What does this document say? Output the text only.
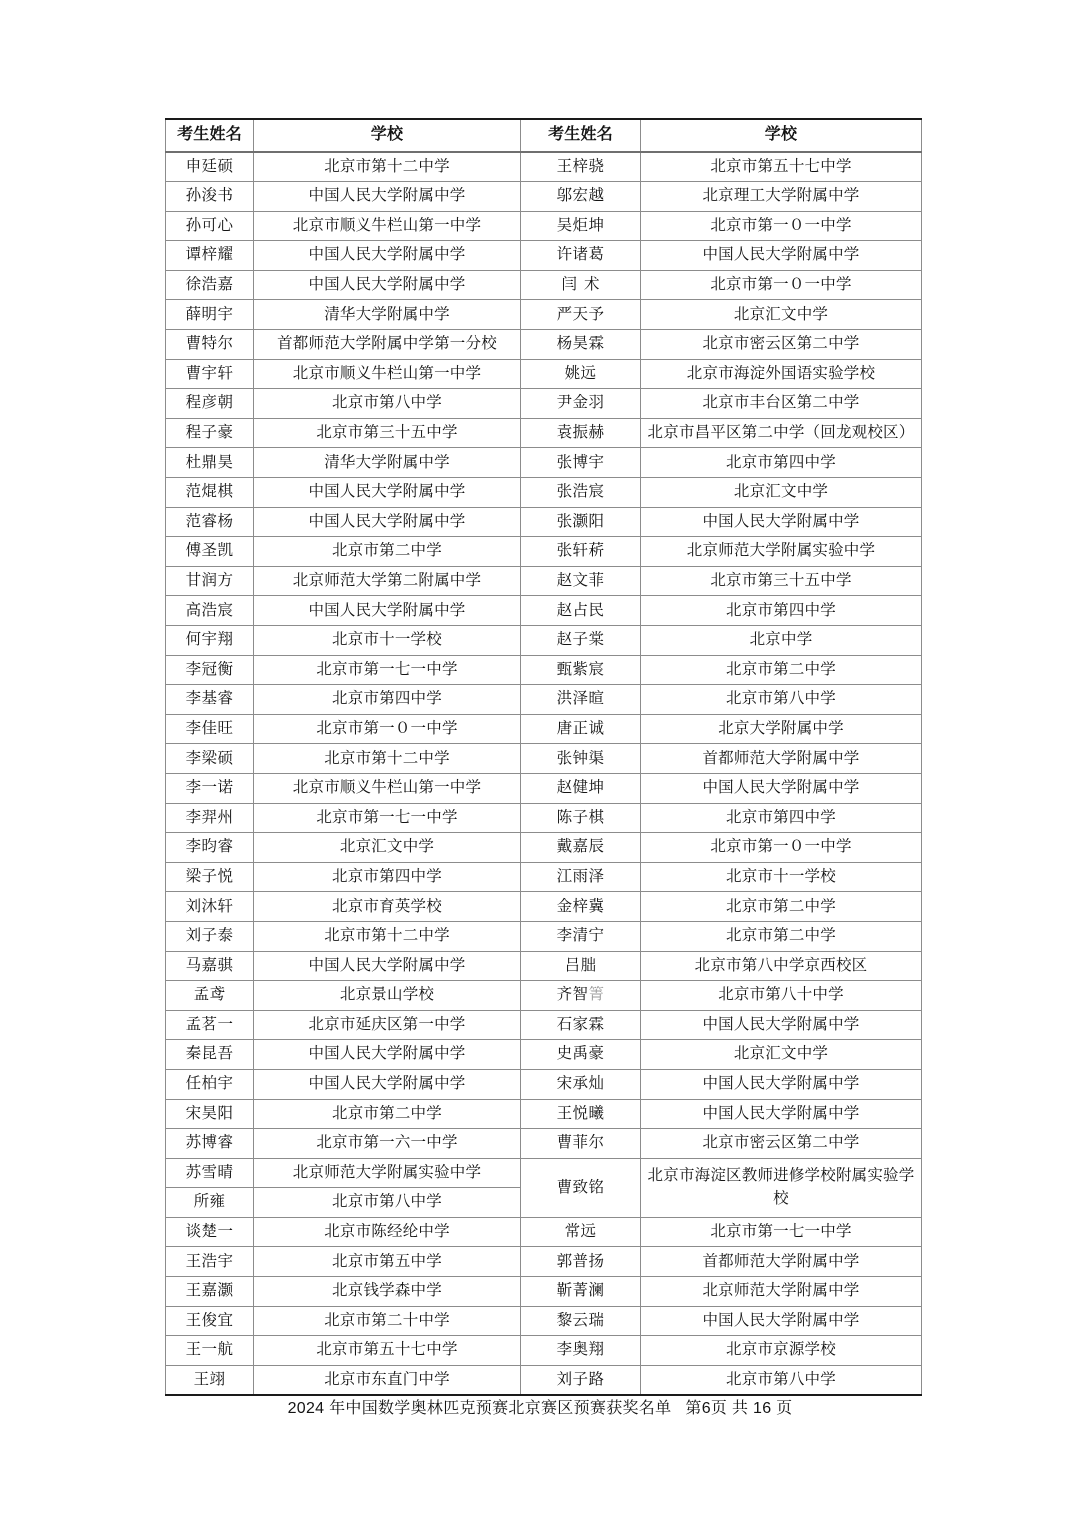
考生姓名	学校	考生姓名	学校
申廷硕	北京市第十二中学	王梓骁	北京市第五十七中学
孙浚书	中国人民大学附属中学	邬宏越	北京理工大学附属中学
孙可心	北京市顺义牛栏山第一中学	吴炬坤	北京市第一０一中学
谭梓耀	中国人民大学附属中学	许诸葛	中国人民大学附属中学
徐浩嘉	中国人民大学附属中学	闫术	北京市第一０一中学
薛明宇	清华大学附属中学	严天予	北京汇文中学
曹特尔	首都师范大学附属中学第一分校	杨昊霖	北京市密云区第二中学
曹宇轩	北京市顺义牛栏山第一中学	姚远	北京市海淀外国语实验学校
程彦朝	北京市第八中学	尹金羽	北京市丰台区第二中学
程子豪	北京市第三十五中学	袁振赫	北京市昌平区第二中学（回龙观校区）
杜鼎昊	清华大学附属中学	张博宇	北京市第四中学
范焜棋	中国人民大学附属中学	张浩宸	北京汇文中学
范睿杨	中国人民大学附属中学	张灏阳	中国人民大学附属中学
傅圣凯	北京市第二中学	张轩菥	北京师范大学附属实验中学
甘润方	北京师范大学第二附属中学	赵文菲	北京市第三十五中学
高浩宸	中国人民大学附属中学	赵占民	北京市第四中学
何宇翔	北京市十一学校	赵子棠	北京中学
李冠衡	北京市第一七一中学	甄紫宸	北京市第二中学
李基睿	北京市第四中学	洪泽暄	北京市第八中学
李佳旺	北京市第一０一中学	唐正诚	北京大学附属中学
李梁硕	北京市第十二中学	张钟渠	首都师范大学附属中学
李一诺	北京市顺义牛栏山第一中学	赵健坤	中国人民大学附属中学
李羿州	北京市第一七一中学	陈子棋	北京市第四中学
李昀睿	北京汇文中学	戴嘉辰	北京市第一０一中学
梁子悦	北京市第四中学	江雨泽	北京市十一学校
刘沐轩	北京市育英学校	金梓冀	北京市第二中学
刘子泰	北京市第十二中学	李清宁	北京市第二中学
马嘉骐	中国人民大学附属中学	吕朏	北京市第八中学京西校区
孟鸢	北京景山学校	齐智箐	北京市第八十中学
孟茗一	北京市延庆区第一中学	石家霖	中国人民大学附属中学
秦昆吾	中国人民大学附属中学	史禹豪	北京汇文中学
任柏宇	中国人民大学附属中学	宋承灿	中国人民大学附属中学
宋昊阳	北京市第二中学	王悦曦	中国人民大学附属中学
苏博睿	北京市第一六一中学	曹菲尔	北京市密云区第二中学
苏雪晴	北京师范大学附属实验中学	曹致铭	北京市海淀区教师进修学校附属实验学校
所雍	北京市第八中学		
谈楚一	北京市陈经纶中学	常远	北京市第一七一中学
王浩宇	北京市第五中学	郭普扬	首都师范大学附属中学
王嘉灏	北京钱学森中学	靳菁澜	北京师范大学附属中学
王俊宜	北京市第二十中学	黎云瑞	中国人民大学附属中学
王一航	北京市第五十七中学	李奥翔	北京市京源学校
王翊	北京市东直门中学	刘子路	北京市第八中学
2024 年中国数学奥林匹克预赛北京赛区预赛获奖名单 第6页 共 16 页
